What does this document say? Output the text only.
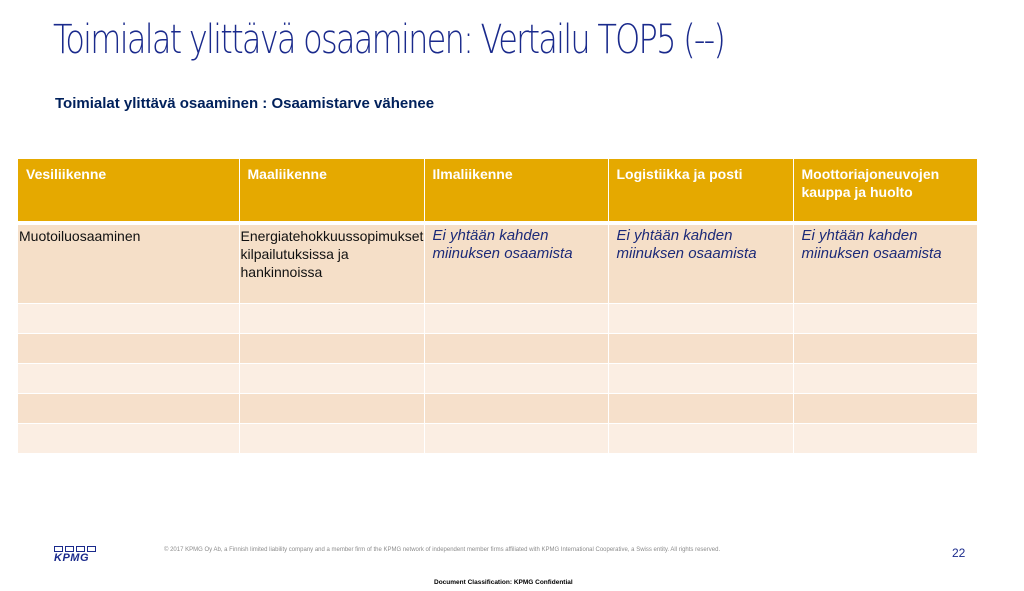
Toimialat ylittävä osaaminen: Vertailu TOP5 (--)
Toimialat ylittävä osaaminen : Osaamistarve vähenee
Vesiliikenne	Maaliikenne	Ilmaliikenne	Logistiikka ja posti	Moottoriajoneuvojen kauppa ja huolto

Muotoiluosaaminen	Energiatehokkuussopimukset kilpailutuksissa ja hankinnoissa	Ei yhtään kahden miinuksen osaamista	Ei yhtään kahden miinuksen osaamista	Ei yhtään kahden miinuksen osaamista

KPMG
© 2017 KPMG Oy Ab, a Finnish limited liability company and a member firm of the KPMG network of independent member firms affiliated with KPMG International Cooperative, a Swiss entity. All rights reserved.	22
Document Classification: KPMG Confidential
